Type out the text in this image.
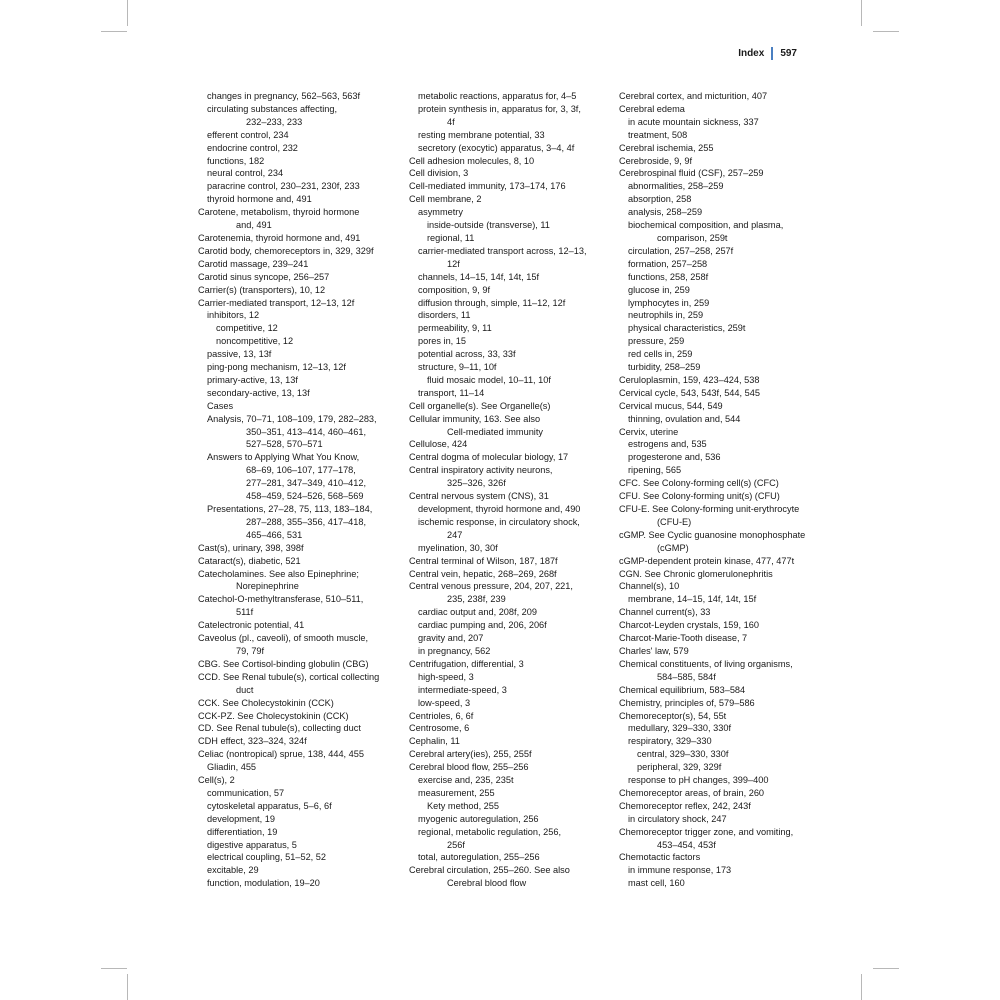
Index 597
changes in pregnancy, 562–563, 563f
circulating substances affecting,
232–233, 233
efferent control, 234
endocrine control, 232
functions, 182
neural control, 234
paracrine control, 230–231, 230f, 233
thyroid hormone and, 491
Carotene, metabolism, thyroid hormone
and, 491
Carotenemia, thyroid hormone and, 491
Carotid body, chemoreceptors in, 329, 329f
Carotid massage, 239–241
Carotid sinus syncope, 256–257
Carrier(s) (transporters), 10, 12
Carrier-mediated transport, 12–13, 12f
inhibitors, 12
competitive, 12
noncompetitive, 12
passive, 13, 13f
ping-pong mechanism, 12–13, 12f
primary-active, 13, 13f
secondary-active, 13, 13f
Cases
Analysis, 70–71, 108–109, 179, 282–283,
350–351, 413–414, 460–461,
527–528, 570–571
Answers to Applying What You Know,
68–69, 106–107, 177–178,
277–281, 347–349, 410–412,
458–459, 524–526, 568–569
Presentations, 27–28, 75, 113, 183–184,
287–288, 355–356, 417–418,
465–466, 531
Cast(s), urinary, 398, 398f
Cataract(s), diabetic, 521
Catecholamines. See also Epinephrine;
Norepinephrine
Catechol-O-methyltransferase, 510–511,
511f
Catelectronic potential, 41
Caveolus (pl., caveoli), of smooth muscle,
79, 79f
CBG. See Cortisol-binding globulin (CBG)
CCD. See Renal tubule(s), cortical collecting
duct
CCK. See Cholecystokinin (CCK)
CCK-PZ. See Cholecystokinin (CCK)
CD. See Renal tubule(s), collecting duct
CDH effect, 323–324, 324f
Celiac (nontropical) sprue, 138, 444, 455
Gliadin, 455
Cell(s), 2
communication, 57
cytoskeletal apparatus, 5–6, 6f
development, 19
differentiation, 19
digestive apparatus, 5
electrical coupling, 51–52, 52
excitable, 29
function, modulation, 19–20
metabolic reactions, apparatus for, 4–5
protein synthesis in, apparatus for, 3, 3f,
4f
resting membrane potential, 33
secretory (exocytic) apparatus, 3–4, 4f
Cell adhesion molecules, 8, 10
Cell division, 3
Cell-mediated immunity, 173–174, 176
Cell membrane, 2
asymmetry
inside-outside (transverse), 11
regional, 11
carrier-mediated transport across, 12–13,
12f
channels, 14–15, 14f, 14t, 15f
composition, 9, 9f
diffusion through, simple, 11–12, 12f
disorders, 11
permeability, 9, 11
pores in, 15
potential across, 33, 33f
structure, 9–11, 10f
fluid mosaic model, 10–11, 10f
transport, 11–14
Cell organelle(s). See Organelle(s)
Cellular immunity, 163. See also
Cell-mediated immunity
Cellulose, 424
Central dogma of molecular biology, 17
Central inspiratory activity neurons,
325–326, 326f
Central nervous system (CNS), 31
development, thyroid hormone and, 490
ischemic response, in circulatory shock,
247
myelination, 30, 30f
Central terminal of Wilson, 187, 187f
Central vein, hepatic, 268–269, 268f
Central venous pressure, 204, 207, 221,
235, 238f, 239
cardiac output and, 208f, 209
cardiac pumping and, 206, 206f
gravity and, 207
in pregnancy, 562
Centrifugation, differential, 3
high-speed, 3
intermediate-speed, 3
low-speed, 3
Centrioles, 6, 6f
Centrosome, 6
Cephalin, 11
Cerebral artery(ies), 255, 255f
Cerebral blood flow, 255–256
exercise and, 235, 235t
measurement, 255
Kety method, 255
myogenic autoregulation, 256
regional, metabolic regulation, 256,
256f
total, autoregulation, 255–256
Cerebral circulation, 255–260. See also
Cerebral blood flow
Cerebral cortex, and micturition, 407
Cerebral edema
in acute mountain sickness, 337
treatment, 508
Cerebral ischemia, 255
Cerebroside, 9, 9f
Cerebrospinal fluid (CSF), 257–259
abnormalities, 258–259
absorption, 258
analysis, 258–259
biochemical composition, and plasma,
comparison, 259t
circulation, 257–258, 257f
formation, 257–258
functions, 258, 258f
glucose in, 259
lymphocytes in, 259
neutrophils in, 259
physical characteristics, 259t
pressure, 259
red cells in, 259
turbidity, 258–259
Ceruloplasmin, 159, 423–424, 538
Cervical cycle, 543, 543f, 544, 545
Cervical mucus, 544, 549
thinning, ovulation and, 544
Cervix, uterine
estrogens and, 535
progesterone and, 536
ripening, 565
CFC. See Colony-forming cell(s) (CFC)
CFU. See Colony-forming unit(s) (CFU)
CFU-E. See Colony-forming unit-erythrocyte
(CFU-E)
cGMP. See Cyclic guanosine monophosphate
(cGMP)
cGMP-dependent protein kinase, 477, 477t
CGN. See Chronic glomerulonephritis
Channel(s), 10
membrane, 14–15, 14f, 14t, 15f
Channel current(s), 33
Charcot-Leyden crystals, 159, 160
Charcot-Marie-Tooth disease, 7
Charles' law, 579
Chemical constituents, of living organisms,
584–585, 584f
Chemical equilibrium, 583–584
Chemistry, principles of, 579–586
Chemoreceptor(s), 54, 55t
medullary, 329–330, 330f
respiratory, 329–330
central, 329–330, 330f
peripheral, 329, 329f
response to pH changes, 399–400
Chemoreceptor areas, of brain, 260
Chemoreceptor reflex, 242, 243f
in circulatory shock, 247
Chemoreceptor trigger zone, and vomiting,
453–454, 453f
Chemotactic factors
in immune response, 173
mast cell, 160
